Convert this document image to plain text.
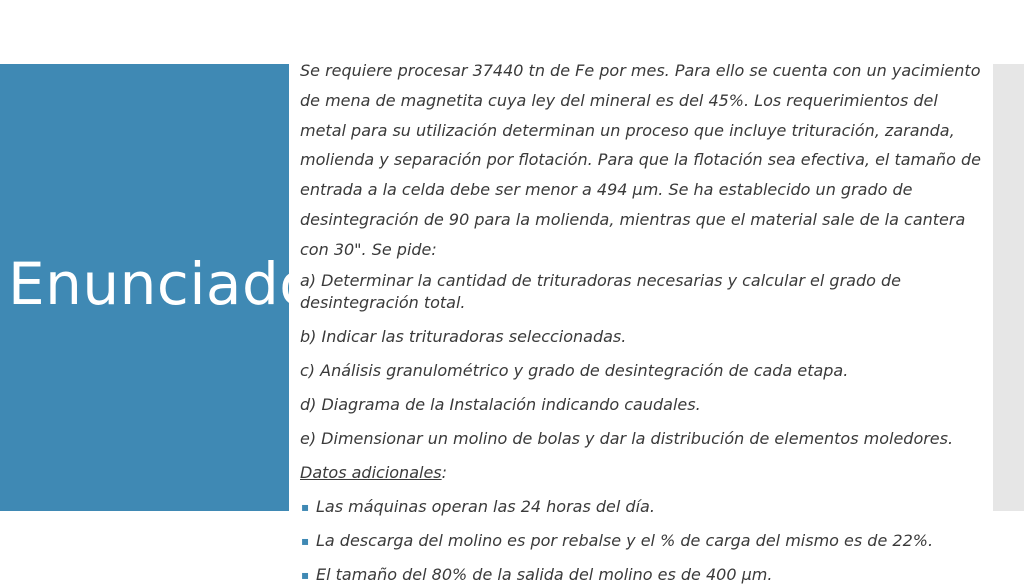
Enunciado

Se requiere procesar 37440 tn de Fe por mes. Para ello se cuenta con un yacimiento de mena de magnetita cuya ley del mineral es del 45%. Los requerimientos del metal para su utilización determinan un proceso que incluye trituración, zaranda, molienda y separación por flotación. Para que la flotación sea efectiva, el tamaño de entrada a la celda debe ser menor a 494 µm. Se ha establecido un grado de desintegración de 90 para la molienda, mientras que el material sale de la cantera con 30". Se pide:

a) Determinar la cantidad de trituradoras necesarias y calcular el grado de desintegración total.

b) Indicar las trituradoras seleccionadas.

c) Análisis granulométrico y grado de desintegración de cada etapa.

d) Diagrama de la Instalación indicando caudales.

e) Dimensionar un molino de bolas y dar la distribución de elementos moledores.

Datos adicionales:
▪ Las máquinas operan las 24 horas del día.
▪ La descarga del molino es por rebalse y el % de carga del mismo es de 22%.
▪ El tamaño del 80% de la salida del molino es de 400 µm.
